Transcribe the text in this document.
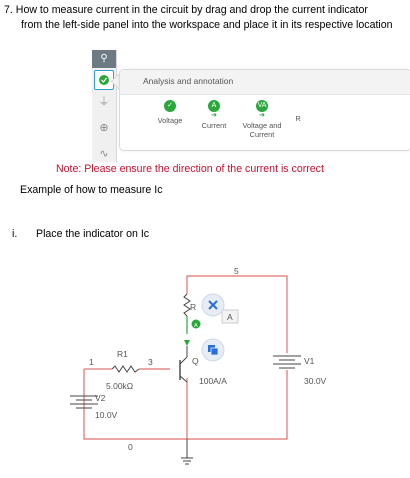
7. How to measure current in the circuit by drag and drop the current indicator
from the left-side panel into the workspace and place it in its respective location
⚲
⏚
⊕
∿
Analysis and annotation
✓
Voltage
A
➜
Current
VA
➜
Voltage and Current
R
Note: Please ensure the direction of the current is correct
Example of how to measure Ic
i. Place the indicator on Ic
A
R
A
Q
100A/A
R1
5.00kΩ
1	3
5
0
V2
10.0V
V1
30.0V
